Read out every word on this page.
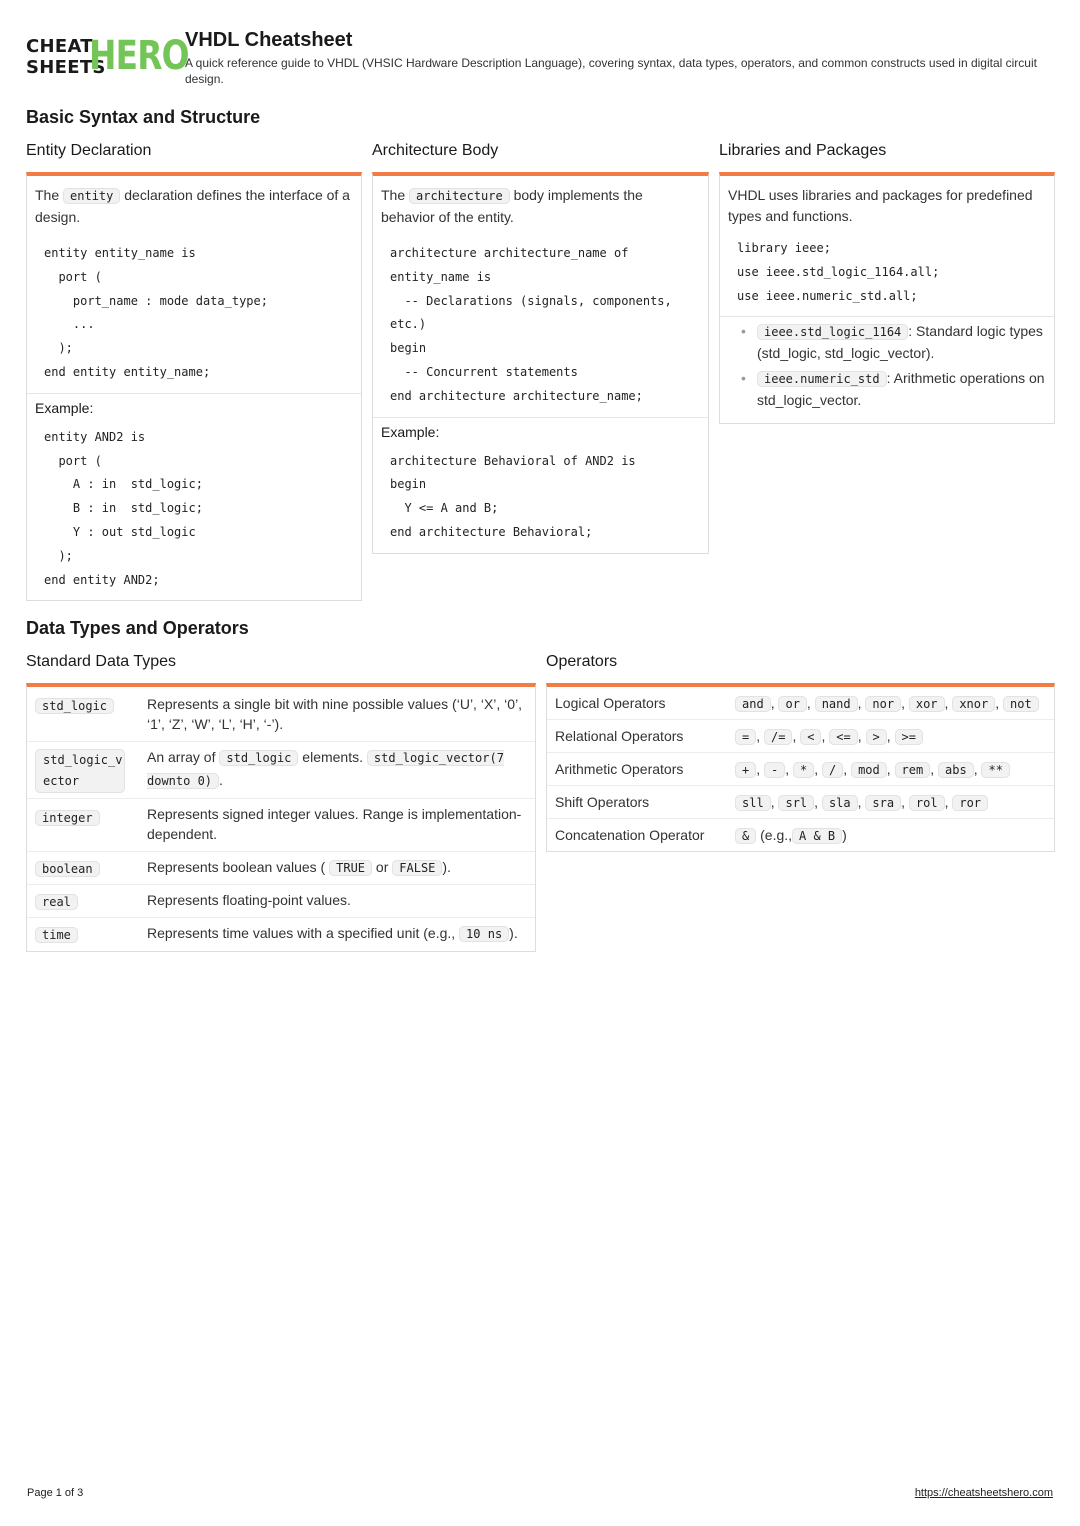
CHEAT
SHEETS
HERO
VHDL Cheatsheet
A quick reference guide to VHDL (VHSIC Hardware Description Language), covering syntax, data types, operators, and common constructs used in digital circuit design.
Basic Syntax and Structure
Entity Declaration

The entity declaration defines the interface of a design.

entity entity_name is
port (
port_name : mode data_type;
...
);
end entity entity_name;
Example:
entity AND2 is
port (
A : in  std_logic;
B : in  std_logic;
Y : out std_logic
);
end entity AND2;
Architecture Body

The architecture body implements the behavior of the entity.

architecture architecture_name of
entity_name is
-- Declarations (signals, components,
etc.)
begin
-- Concurrent statements
end architecture architecture_name;
Example:
architecture Behavioral of AND2 is
begin
Y <= A and B;
end architecture Behavioral;
Libraries and Packages

VHDL uses libraries and packages for predefined types and functions.

library ieee;
use ieee.std_logic_1164.all;
use ieee.numeric_std.all;
• ieee.std_logic_1164 : Standard logic types (std_logic, std_logic_vector).
• ieee.numeric_std : Arithmetic operations on std_logic_vector.
Data Types and Operators
Standard Data Types
std_logic	Represents a single bit with nine possible values (‘U’, ‘X’, ‘0’, ‘1’, ‘Z’, ‘W’, ‘L’, ‘H’, ‘-’).
std_logic_v
ector	An array of std_logic elements. std_logic_vector(7 downto 0) .
integer	Represents signed integer values. Range is implementation-dependent.
boolean	Represents boolean values ( TRUE or FALSE ).
real	Represents floating-point values.
time	Represents time values with a specified unit (e.g., 10 ns ).
Operators
Logical Operators	and , or , nand , nor , xor , xnor , not
Relational Operators	= , /= , < , <= , > , >=
Arithmetic Operators	+ , - , * , / , mod , rem , abs , **
Shift Operators	sll , srl , sla , sra , rol , ror
Concatenation Operator	& (e.g., A & B )
Page 1 of 3	https://cheatsheetshero.com
